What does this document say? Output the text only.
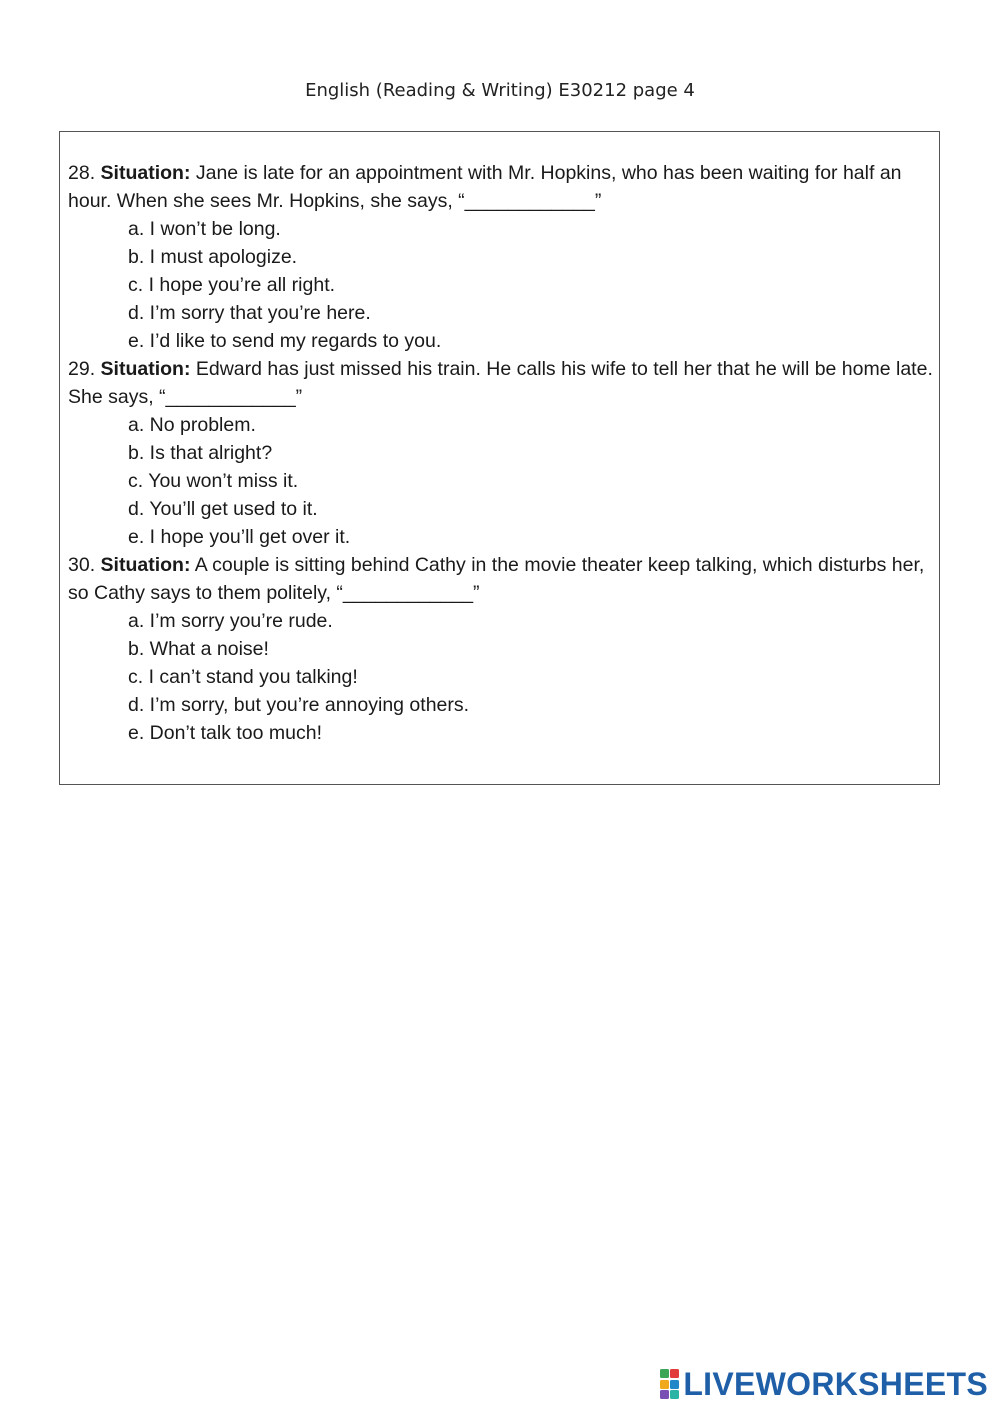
English (Reading & Writing) E30212 page 4

28. Situation: Jane is late for an appointment with Mr. Hopkins, who has been waiting for half an hour. When she sees Mr. Hopkins, she says, “____________”

a. I won’t be long.
b. I must apologize.
c. I hope you’re all right.
d. I’m sorry that you’re here.
e. I’d like to send my regards to you.

29. Situation: Edward has just missed his train. He calls his wife to tell her that he will be home late. She says, “____________”

a. No problem.
b. Is that alright?
c. You won’t miss it.
d. You’ll get used to it.
e. I hope you’ll get over it.

30. Situation: A couple is sitting behind Cathy in the movie theater keep talking, which disturbs her, so Cathy says to them politely, “____________”

a. I’m sorry you’re rude.
b. What a noise!
c. I can’t stand you talking!
d. I’m sorry, but you’re annoying others.
e. Don’t talk too much!
LIVEWORKSHEETS
